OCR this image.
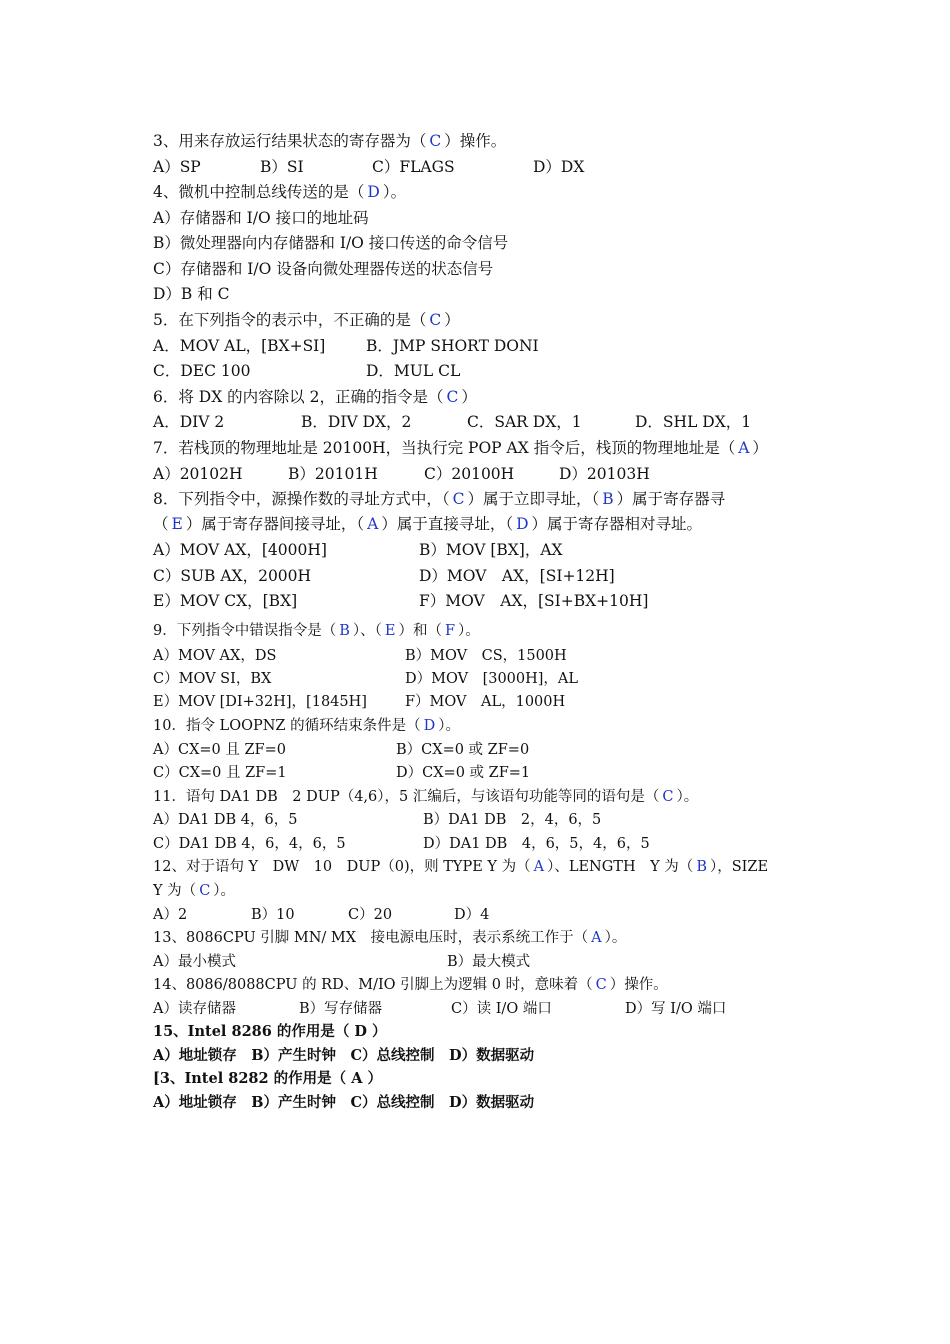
3、用来存放运行结果状态的寄存器为（ C ）操作。
A）SP	B）SI	C）FLAGS	D）DX
4、微机中控制总线传送的是（ D ）。
A）存储器和 I/O 接口的地址码
B）微处理器向内存储器和 I/O 接口传送的命令信号
C）存储器和 I/O 设备向微处理器传送的状态信号
D）B 和 C
5．在下列指令的表示中，不正确的是（ C ）
A．MOV AL，[BX+SI]	B．JMP SHORT DONI
C．DEC 100	D．MUL CL
6．将 DX 的内容除以 2，正确的指令是（ C ）
A．DIV 2	B．DIV DX，2	C．SAR DX，1	D．SHL DX，1
7．若栈顶的物理地址是 20100H，当执行完 POP AX 指令后，栈顶的物理地址是（ A ）
A）20102H	B）20101H	C）20100H	D）20103H
8．下列指令中，源操作数的寻址方式中，（ C ）属于立即寻址，（ B ）属于寄存器寻
（ E ）属于寄存器间接寻址，（ A ）属于直接寻址，（ D ）属于寄存器相对寻址。
A）MOV AX，[4000H]	B）MOV [BX]，AX
C）SUB AX，2000H	D）MOV　AX，[SI+12H]
E）MOV CX，[BX]	F）MOV　AX，[SI+BX+10H]
9．下列指令中错误指令是（ B ）、（ E ）和（ F ）。
A）MOV AX，DS	B）MOV　CS，1500H
C）MOV SI，BX	D）MOV　[3000H]，AL
E）MOV [DI+32H]，[1845H]	F）MOV　AL，1000H
10．指令 LOOPNZ 的循环结束条件是（ D ）。
A）CX=0 且 ZF=0	B）CX=0 或 ZF=0
C）CX=0 且 ZF=1	D）CX=0 或 ZF=1
11．语句 DA1 DB　2 DUP（4,6），5 汇编后，与该语句功能等同的语句是（ C ）。
A）DA1 DB 4，6，5	B）DA1 DB　2，4，6，5
C）DA1 DB 4，6，4，6，5	D）DA1 DB　4，6，5，4，6，5
12、对于语句 Y　DW　10　DUP（0)，则 TYPE Y 为（ A ）、LENGTH　Y 为（ B ），SIZE
Y 为（ C ）。
A）2	B）10	C）20	D）4
13、8086CPU 引脚 MN/ MX　接电源电压时，表示系统工作于（ A ）。
A）最小模式	B）最大模式
14、8086/8088CPU 的 RD、M/IO 引脚上为逻辑 0 时，意味着（ C ）操作。
A）读存储器	B）写存储器	C）读 I/O 端口	D）写 I/O 端口
15、Intel 8286 的作用是（ D ）
A）地址锁存　B）产生时钟　C）总线控制　D）数据驱动
[3、Intel 8282 的作用是（ A ）
A）地址锁存　B）产生时钟　C）总线控制　D）数据驱动
